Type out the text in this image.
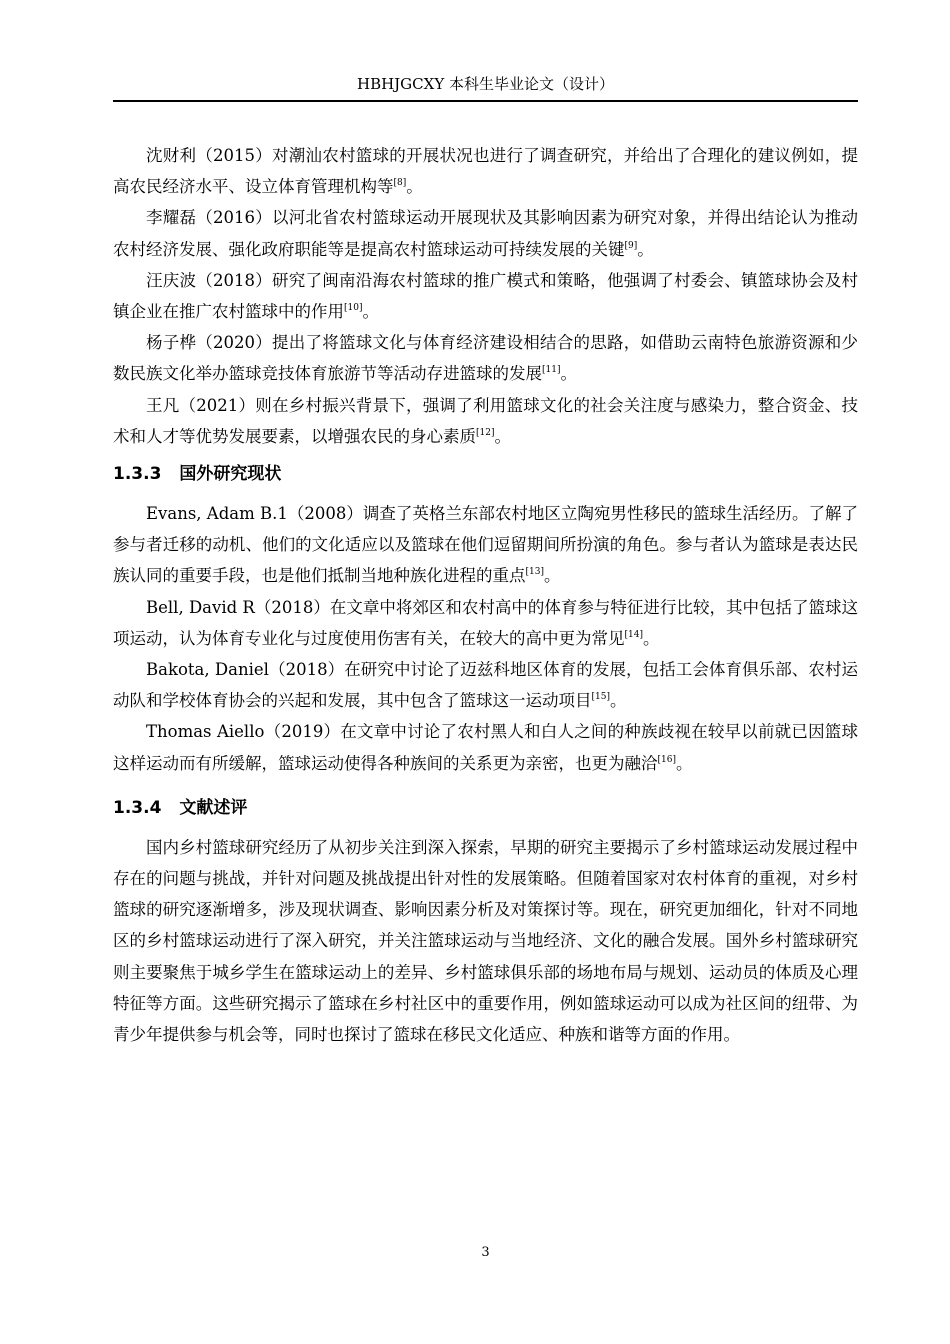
HBHJGCXY 本科生毕业论文（设计）

沈财利（2015）对潮汕农村篮球的开展状况也进行了调查研究，并给出了合理化的建议例如，提高农民经济水平、设立体育管理机构等[8]。

李耀磊（2016）以河北省农村篮球运动开展现状及其影响因素为研究对象，并得出结论认为推动农村经济发展、强化政府职能等是提高农村篮球运动可持续发展的关键[9]。

汪庆波（2018）研究了闽南沿海农村篮球的推广模式和策略，他强调了村委会、镇篮球协会及村镇企业在推广农村篮球中的作用[10]。

杨子桦（2020）提出了将篮球文化与体育经济建设相结合的思路，如借助云南特色旅游资源和少数民族文化举办篮球竞技体育旅游节等活动存进篮球的发展[11]。

王凡（2021）则在乡村振兴背景下，强调了利用篮球文化的社会关注度与感染力，整合资金、技术和人才等优势发展要素，以增强农民的身心素质[12]。

1.3.3 国外研究现状

Evans, Adam B.1（2008）调查了英格兰东部农村地区立陶宛男性移民的篮球生活经历。了解了参与者迁移的动机、他们的文化适应以及篮球在他们逗留期间所扮演的角色。参与者认为篮球是表达民族认同的重要手段，也是他们抵制当地种族化进程的重点[13]。

Bell, David R（2018）在文章中将郊区和农村高中的体育参与特征进行比较，其中包括了篮球这项运动，认为体育专业化与过度使用伤害有关，在较大的高中更为常见[14]。

Bakota, Daniel（2018）在研究中讨论了迈兹科地区体育的发展，包括工会体育俱乐部、农村运动队和学校体育协会的兴起和发展，其中包含了篮球这一运动项目[15]。

Thomas Aiello（2019）在文章中讨论了农村黑人和白人之间的种族歧视在较早以前就已因篮球这样运动而有所缓解，篮球运动使得各种族间的关系更为亲密，也更为融洽[16]。

1.3.4 文献述评

国内乡村篮球研究经历了从初步关注到深入探索，早期的研究主要揭示了乡村篮球运动发展过程中存在的问题与挑战，并针对问题及挑战提出针对性的发展策略。但随着国家对农村体育的重视，对乡村篮球的研究逐渐增多，涉及现状调查、影响因素分析及对策探讨等。现在，研究更加细化，针对不同地区的乡村篮球运动进行了深入研究，并关注篮球运动与当地经济、文化的融合发展。国外乡村篮球研究则主要聚焦于城乡学生在篮球运动上的差异、乡村篮球俱乐部的场地布局与规划、运动员的体质及心理特征等方面。这些研究揭示了篮球在乡村社区中的重要作用，例如篮球运动可以成为社区间的纽带、为青少年提供参与机会等，同时也探讨了篮球在移民文化适应、种族和谐等方面的作用。

3
